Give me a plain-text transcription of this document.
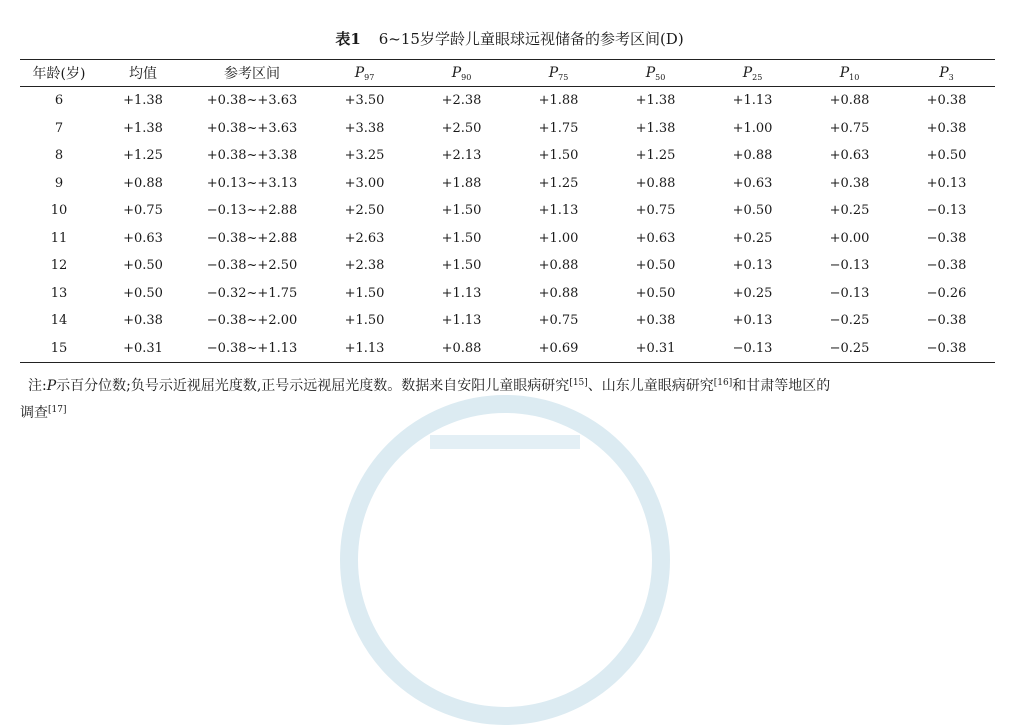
表1 6~15岁学龄儿童眼球远视储备的参考区间(D)
年龄(岁)	均值	参考区间	$P_{97}$	$P_{90}$	$P_{75}$	$P_{50}$	$P_{25}$	$P_{10}$	$P_3$
6	+1.38	+0.38~+3.63	+3.50	+2.38	+1.88	+1.38	+1.13	+0.88	+0.38
7	+1.38	+0.38~+3.63	+3.38	+2.50	+1.75	+1.38	+1.00	+0.75	+0.38
8	+1.25	+0.38~+3.38	+3.25	+2.13	+1.50	+1.25	+0.88	+0.63	+0.50
9	+0.88	+0.13~+3.13	+3.00	+1.88	+1.25	+0.88	+0.63	+0.38	+0.13
10	+0.75	−0.13~+2.88	+2.50	+1.50	+1.13	+0.75	+0.50	+0.25	−0.13
11	+0.63	−0.38~+2.88	+2.63	+1.50	+1.00	+0.63	+0.25	+0.00	−0.38
12	+0.50	−0.38~+2.50	+2.38	+1.50	+0.88	+0.50	+0.13	−0.13	−0.38
13	+0.50	−0.32~+1.75	+1.50	+1.13	+0.88	+0.50	+0.25	−0.13	−0.26
14	+0.38	−0.38~+2.00	+1.50	+1.13	+0.75	+0.38	+0.13	−0.25	−0.38
15	+0.31	−0.38~+1.13	+1.13	+0.88	+0.69	+0.31	−0.13	−0.25	−0.38
注:P示百分位数;负号示近视屈光度数,正号示远视屈光度数。数据来自安阳儿童眼病研究[15]、山东儿童眼病研究[16]和甘肃等地区的
调查[17]
